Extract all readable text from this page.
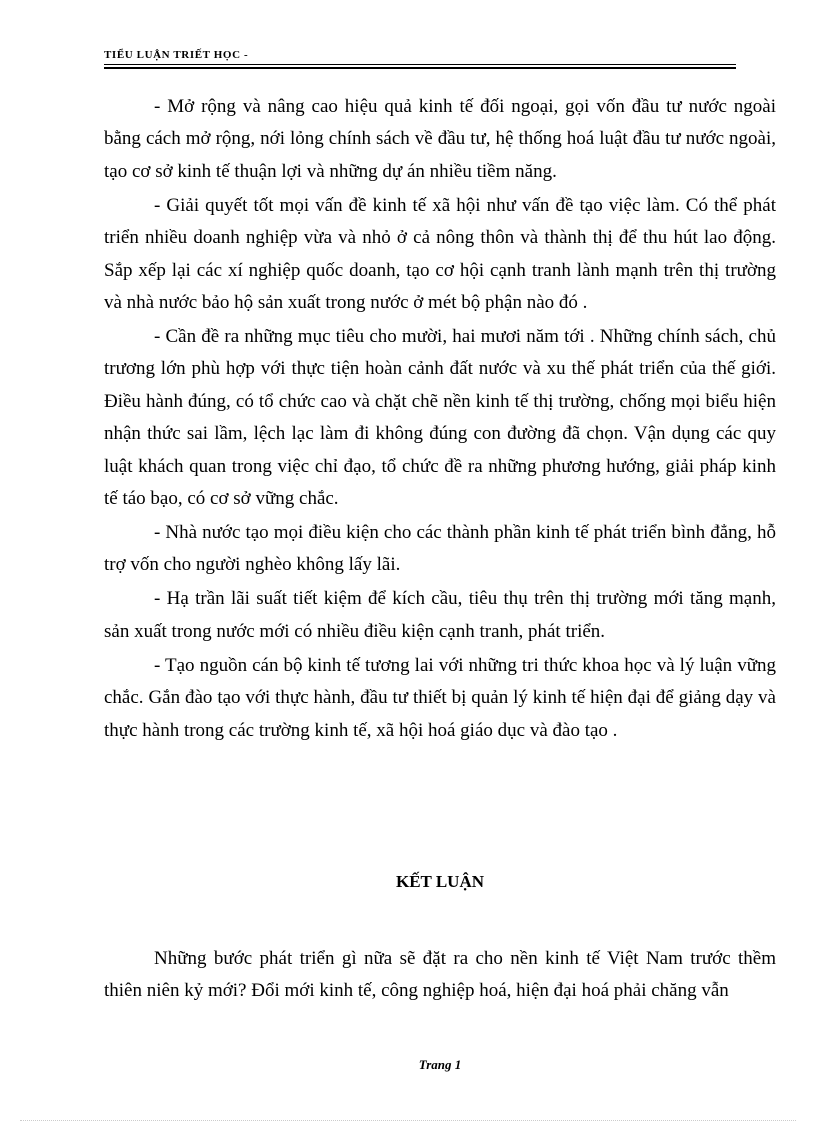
TIỂU LUẬN TRIẾT HỌC -

- Mở rộng và nâng cao hiệu quả kinh tế đối ngoại, gọi vốn đầu tư nước ngoài bằng cách mở rộng, nới lỏng chính sách về đầu tư, hệ thống hoá luật đầu tư nước ngoài, tạo cơ sở kinh tế thuận lợi và những dự án nhiều tiềm năng.

- Giải quyết tốt mọi vấn đề kinh tế xã hội như vấn đề tạo việc làm. Có thể phát triển nhiều doanh nghiệp vừa và nhỏ ở cả nông thôn và thành thị để thu hút lao động. Sắp xếp lại các xí nghiệp quốc doanh, tạo cơ hội cạnh tranh lành mạnh trên thị trường và nhà nước bảo hộ sản xuất trong nước ở mét bộ phận nào đó .

- Cần đề ra những mục tiêu cho mười, hai mươi năm tới . Những chính sách, chủ trương lớn phù hợp với thực tiện hoàn cảnh đất nước và xu thế phát triển của thế giới. Điều hành đúng, có tổ chức cao và chặt chẽ nền kinh tế thị trường, chống mọi biểu hiện nhận thức sai lầm, lệch lạc làm đi không đúng con đường đã chọn. Vận dụng các quy luật khách quan trong việc chỉ đạo, tổ chức đề ra những phương hướng, giải pháp kinh tế táo bạo, có cơ sở vững chắc.

- Nhà nước tạo mọi điều kiện cho các thành phần kinh tế phát triển bình đẳng, hỗ trợ vốn cho người nghèo không lấy lãi.

- Hạ trần lãi suất tiết kiệm để kích cầu, tiêu thụ trên thị trường mới tăng mạnh, sản xuất trong nước mới có nhiều điều kiện cạnh tranh, phát triển.

- Tạo nguồn cán bộ kinh tế tương lai với những tri thức khoa học và lý luận vững chắc. Gắn đào tạo với thực hành, đầu tư thiết bị quản lý kinh tế hiện đại để giảng dạy và thực hành trong các trường kinh tế, xã hội hoá giáo dục và đào tạo .

KẾT LUẬN

Những bước phát triển gì nữa sẽ đặt ra cho nền kinh tế Việt Nam trước thềm thiên niên kỷ mới? Đổi mới kinh tế, công nghiệp hoá, hiện đại hoá phải chăng vẫn

Trang 1
